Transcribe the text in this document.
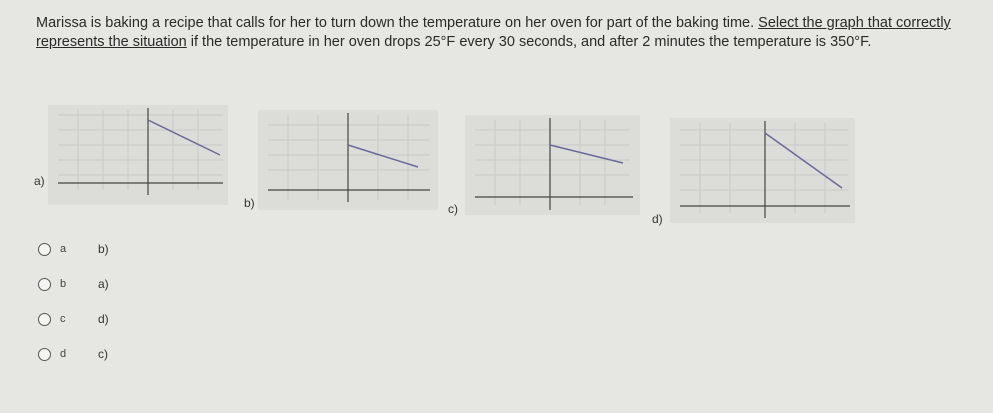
Marissa is baking a recipe that calls for her to turn down the temperature on her oven for part of the baking time. Select the graph that correctly represents the situation if the temperature in her oven drops 25°F every 30 seconds, and after 2 minutes the temperature is 350°F.
a)
b)	c)
d)
a	b)
b	a)
c	d)
d	c)
